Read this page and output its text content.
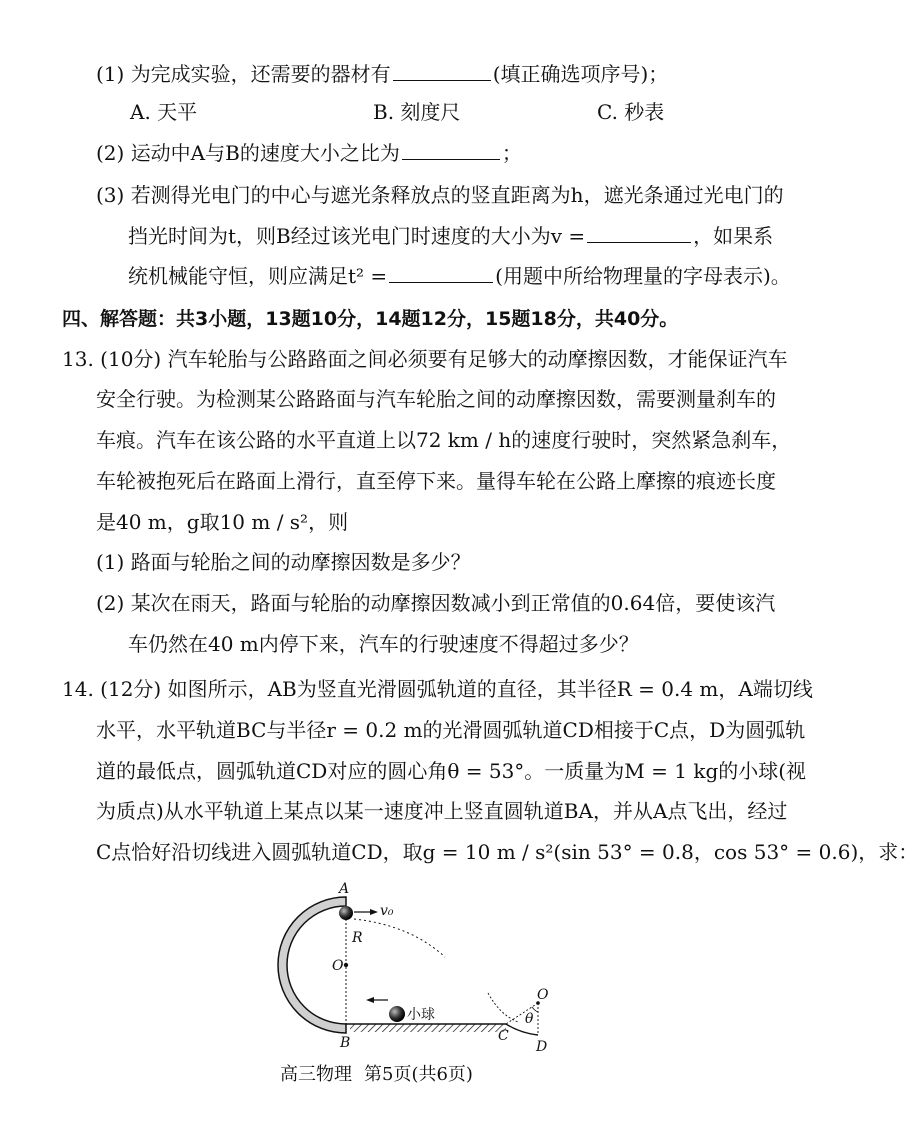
(1) 为完成实验，还需要的器材有	(填正确选项序号)；
A. 天平	B. 刻度尺	C. 秒表
(2) 运动中A与B的速度大小之比为	；
(3) 若测得光电门的中心与遮光条释放点的竖直距离为h，遮光条通过光电门的
挡光时间为t，则B经过该光电门时速度的大小为v =	，如果系
统机械能守恒，则应满足t² =	(用题中所给物理量的字母表示)。
四、解答题：共3小题，13题10分，14题12分，15题18分，共40分。
13. (10分) 汽车轮胎与公路路面之间必须要有足够大的动摩擦因数，才能保证汽车
安全行驶。为检测某公路路面与汽车轮胎之间的动摩擦因数，需要测量刹车的
车痕。汽车在该公路的水平直道上以72 km / h的速度行驶时，突然紧急刹车，
车轮被抱死后在路面上滑行，直至停下来。量得车轮在公路上摩擦的痕迹长度
是40 m，g取10 m / s²，则
(1) 路面与轮胎之间的动摩擦因数是多少？
(2) 某次在雨天，路面与轮胎的动摩擦因数减小到正常值的0.64倍，要使该汽
车仍然在40 m内停下来，汽车的行驶速度不得超过多少？
14. (12分) 如图所示，AB为竖直光滑圆弧轨道的直径，其半径R = 0.4 m，A端切线
水平，水平轨道BC与半径r = 0.2 m的光滑圆弧轨道CD相接于C点，D为圆弧轨
道的最低点，圆弧轨道CD对应的圆心角θ = 53°。一质量为M = 1 kg的小球(视
为质点)从水平轨道上某点以某一速度冲上竖直圆轨道BA，并从A点飞出，经过
C点恰好沿切线进入圆弧轨道CD，取g = 10 m / s²(sin 53° = 0.8，cos 53° = 0.6)，求：
A
v₀
R
O
B
小球
C
O
θ
D
高三物理 第5页(共6页)
